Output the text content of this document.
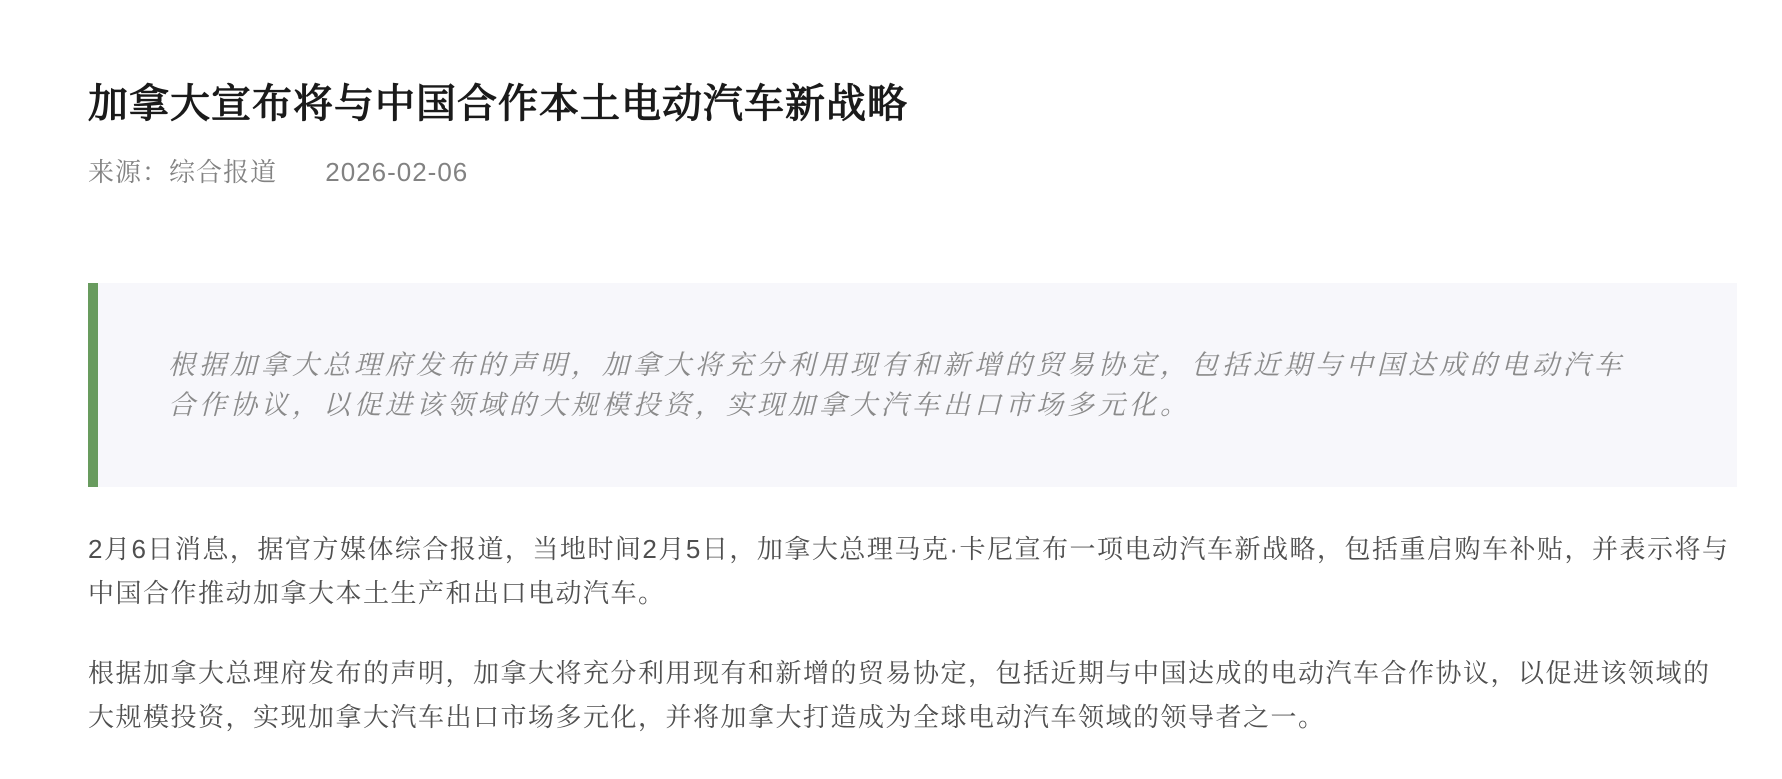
加拿大宣布将与中国合作本土电动汽车新战略
来源：综合报道 2026-02-06
根据加拿大总理府发布的声明，加拿大将充分利用现有和新增的贸易协定，包括近期与中国达成的电动汽车合作协议，以促进该领域的大规模投资，实现加拿大汽车出口市场多元化。

2月6日消息，据官方媒体综合报道，当地时间2月5日，加拿大总理马克·卡尼宣布一项电动汽车新战略，包括重启购车补贴，并表示将与中国合作推动加拿大本土生产和出口电动汽车。

根据加拿大总理府发布的声明，加拿大将充分利用现有和新增的贸易协定，包括近期与中国达成的电动汽车合作协议，以促进该领域的大规模投资，实现加拿大汽车出口市场多元化，并将加拿大打造成为全球电动汽车领域的领导者之一。
